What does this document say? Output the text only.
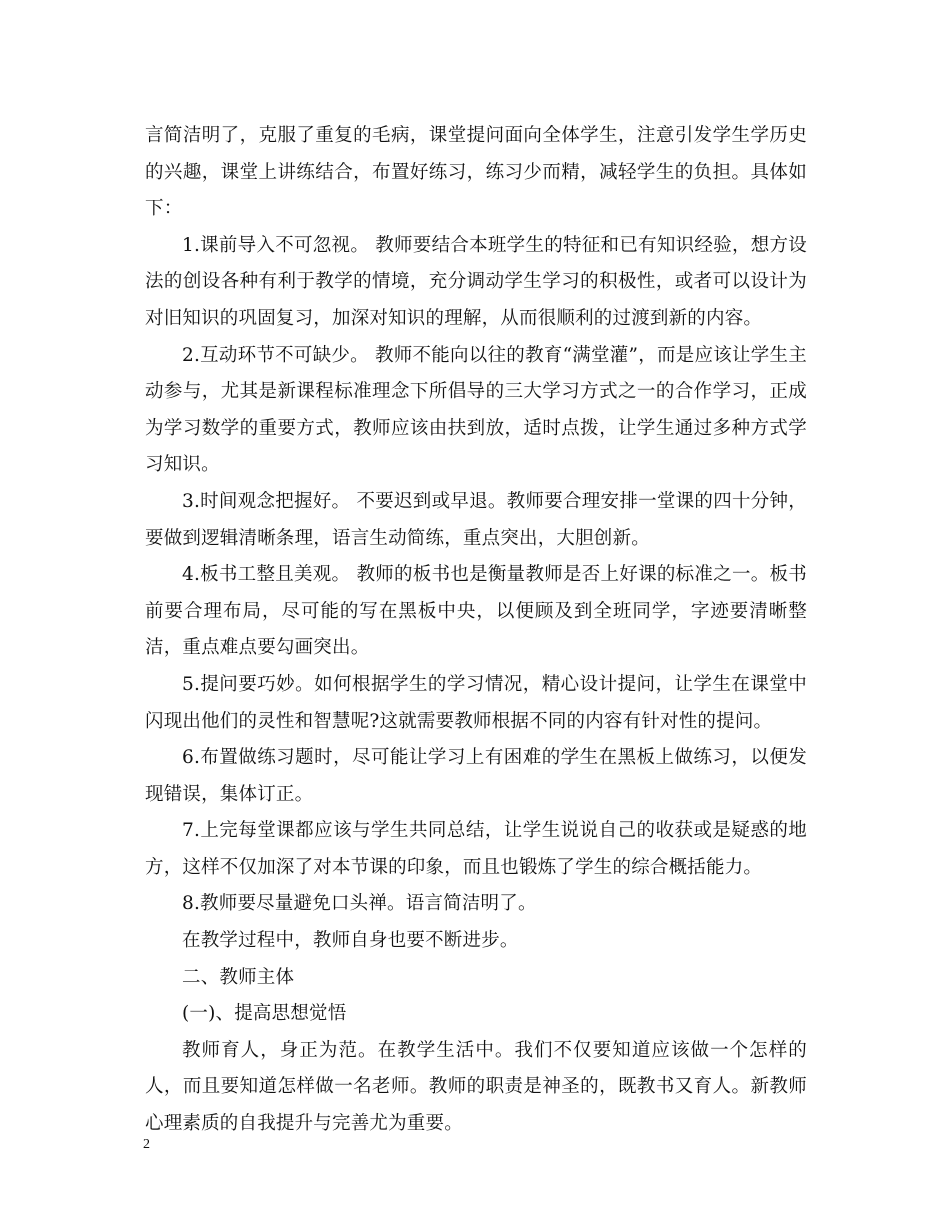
言简洁明了，克服了重复的毛病，课堂提问面向全体学生，注意引发学生学历史的兴趣，课堂上讲练结合，布置好练习，练习少而精，减轻学生的负担。具体如下：

1.课前导入不可忽视。 教师要结合本班学生的特征和已有知识经验，想方设法的创设各种有利于教学的情境，充分调动学生学习的积极性，或者可以设计为对旧知识的巩固复习，加深对知识的理解，从而很顺利的过渡到新的内容。

2.互动环节不可缺少。 教师不能向以往的教育“满堂灌”，而是应该让学生主动参与，尤其是新课程标准理念下所倡导的三大学习方式之一的合作学习，正成为学习数学的重要方式，教师应该由扶到放，适时点拨，让学生通过多种方式学习知识。

3.时间观念把握好。 不要迟到或早退。教师要合理安排一堂课的四十分钟，要做到逻辑清晰条理，语言生动简练，重点突出，大胆创新。

4.板书工整且美观。 教师的板书也是衡量教师是否上好课的标准之一。板书前要合理布局，尽可能的写在黑板中央，以便顾及到全班同学，字迹要清晰整洁，重点难点要勾画突出。

5.提问要巧妙。如何根据学生的学习情况，精心设计提问，让学生在课堂中闪现出他们的灵性和智慧呢?这就需要教师根据不同的内容有针对性的提问。

6.布置做练习题时，尽可能让学习上有困难的学生在黑板上做练习，以便发现错误，集体订正。

7.上完每堂课都应该与学生共同总结，让学生说说自己的收获或是疑惑的地方，这样不仅加深了对本节课的印象，而且也锻炼了学生的综合概括能力。

8.教师要尽量避免口头禅。语言简洁明了。

在教学过程中，教师自身也要不断进步。

二、教师主体

(一)、提高思想觉悟

教师育人，身正为范。在教学生活中。我们不仅要知道应该做一个怎样的人，而且要知道怎样做一名老师。教师的职责是神圣的，既教书又育人。新教师心理素质的自我提升与完善尤为重要。

2
